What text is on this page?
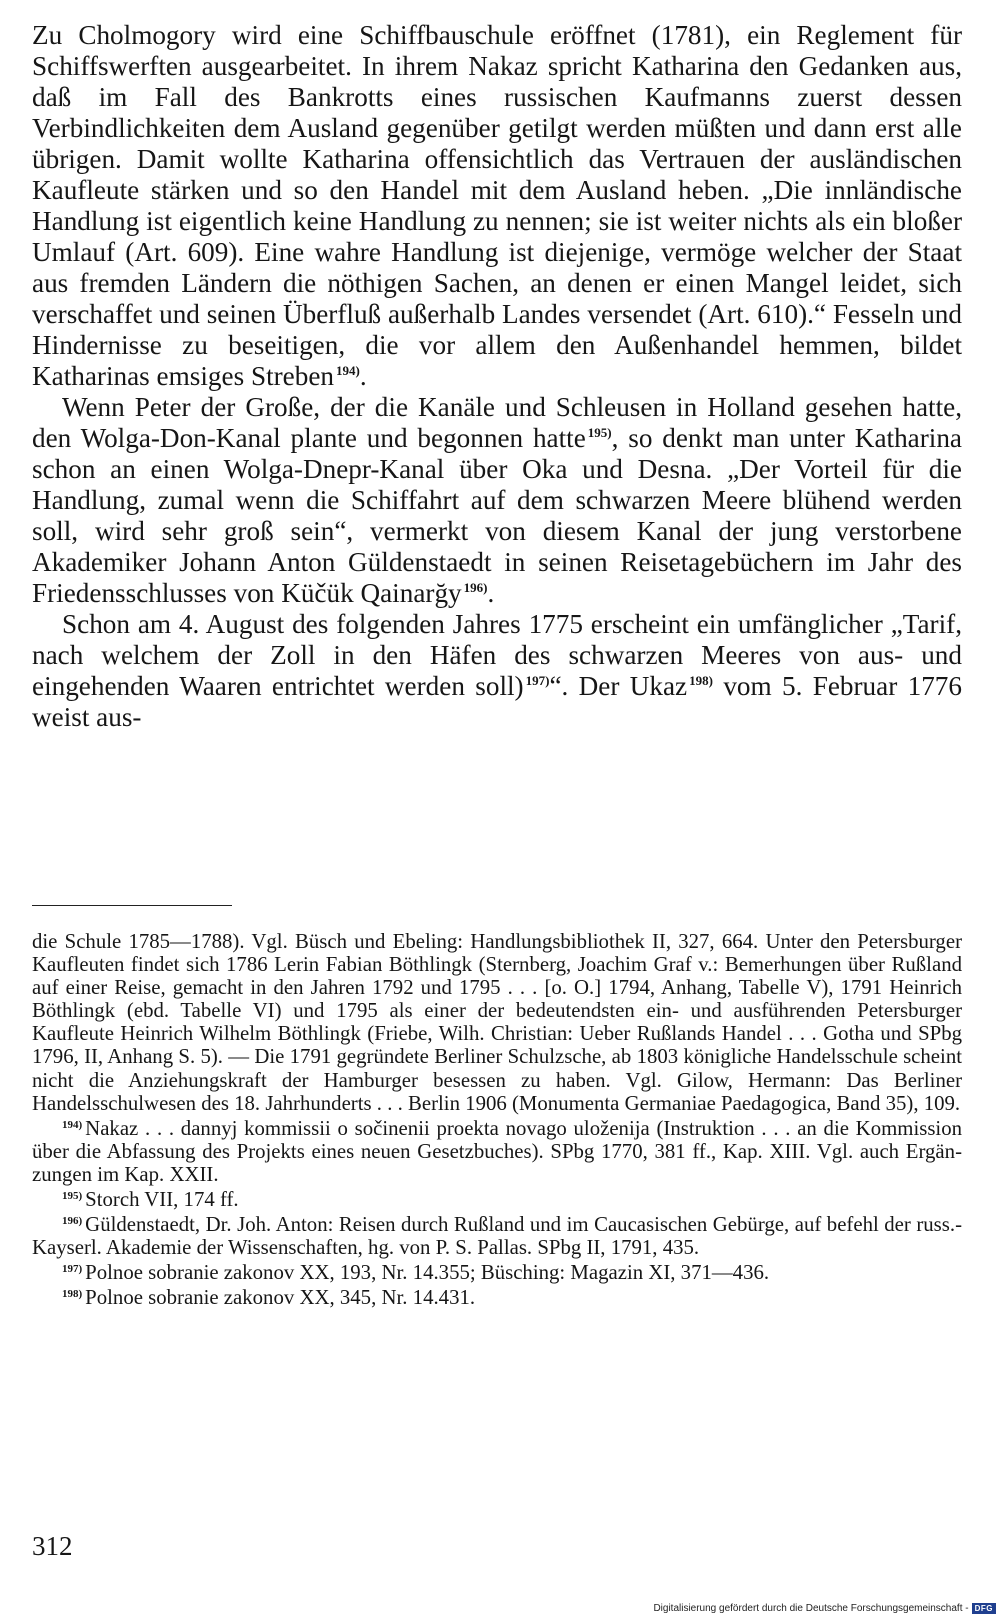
Zu Cholmogory wird eine Schiffbauschule eröffnet (1781), ein Reglement für Schiffswerften ausgearbeitet. In ihrem Nakaz spricht Katharina den Gedanken aus, daß im Fall des Bankrotts eines russischen Kaufmanns zuerst dessen Verbindlichkeiten dem Ausland gegenüber getilgt werden müßten und dann erst alle übrigen. Damit wollte Katharina offensichtlich das Vertrauen der ausländischen Kaufleute stärken und so den Handel mit dem Ausland heben. „Die innländische Handlung ist eigentlich keine Handlung zu nennen; sie ist weiter nichts als ein bloßer Umlauf (Art. 609). Eine wahre Handlung ist diejenige, vermöge welcher der Staat aus fremden Ländern die nöthigen Sachen, an denen er einen Mangel leidet, sich verschaffet und seinen Überfluß außerhalb Landes versendet (Art. 610).“ Fesseln und Hindernisse zu beseitigen, die vor allem den Außenhandel hemmen, bildet Katharinas emsiges Streben $^{194)}$.

Wenn Peter der Große, der die Kanäle und Schleusen in Holland gesehen hatte, den Wolga-Don-Kanal plante und begonnen hatte $^{195)}$, so denkt man unter Katharina schon an einen Wolga-Dnepr-Kanal über Oka und Desna. „Der Vorteil für die Handlung, zumal wenn die Schiffahrt auf dem schwarzen Meere blühend werden soll, wird sehr groß sein“, vermerkt von diesem Kanal der jung verstorbene Akademiker Johann Anton Güldenstaedt in seinen Reisetagebüchern im Jahr des Friedensschlusses von Küčük Qainarğy $^{196)}$.

Schon am 4. August des folgenden Jahres 1775 erscheint ein umfänglicher „Tarif, nach welchem der Zoll in den Häfen des schwarzen Meeres von aus- und eingehenden Waaren entrichtet werden soll) $^{197)}$“. Der Ukaz $^{198)}$ vom 5. Februar 1776 weist aus-

die Schule 1785—1788). Vgl. Büsch und Ebeling: Handlungsbibliothek II, 327, 664. Unter den Petersburger Kaufleuten findet sich 1786 Lerin Fabian Böthlingk (Sternberg, Joachim Graf v.: Bemerhungen über Rußland auf einer Reise, gemacht in den Jahren 1792 und 1795 . . . [o. O.] 1794, Anhang, Tabelle V), 1791 Heinrich Böthlingk (ebd. Tabelle VI) und 1795 als einer der bedeutendsten ein- und ausführenden Petersburger Kaufleute Heinrich Wilhelm Böthlingk (Friebe, Wilh. Christian: Ueber Rußlands Handel . . . Gotha und SPbg 1796, II, Anhang S. 5). — Die 1791 gegründete Berliner Schulzsche, ab 1803 königliche Handelsschule scheint nicht die Anziehungskraft der Hamburger besessen zu haben. Vgl. Gilow, Hermann: Das Berliner Handelsschulwesen des 18. Jahrhunderts . . . Berlin 1906 (Monumenta Germaniae Paedagogica, Band 35), 109.

$^{194)}$ Nakaz . . . dannyj kommissii o sočinenii proekta novago uloženija (Instruktion . . . an die Kommission über die Abfassung des Projekts eines neuen Gesetzbuches). SPbg 1770, 381 ff., Kap. XIII. Vgl. auch Ergänzungen im Kap. XXII.

$^{195)}$ Storch VII, 174 ff.

$^{196)}$ Güldenstaedt, Dr. Joh. Anton: Reisen durch Rußland und im Caucasischen Gebürge, auf befehl der russ.-Kayserl. Akademie der Wissenschaften, hg. von P. S. Pallas. SPbg II, 1791, 435.

$^{197)}$ Polnoe sobranie zakonov XX, 193, Nr. 14.355; Büsching: Magazin XI, 371—436.

$^{198)}$ Polnoe sobranie zakonov XX, 345, Nr. 14.431.

312
Digitalisierung gefördert durch die Deutsche Forschungsgemeinschaft - DFG
